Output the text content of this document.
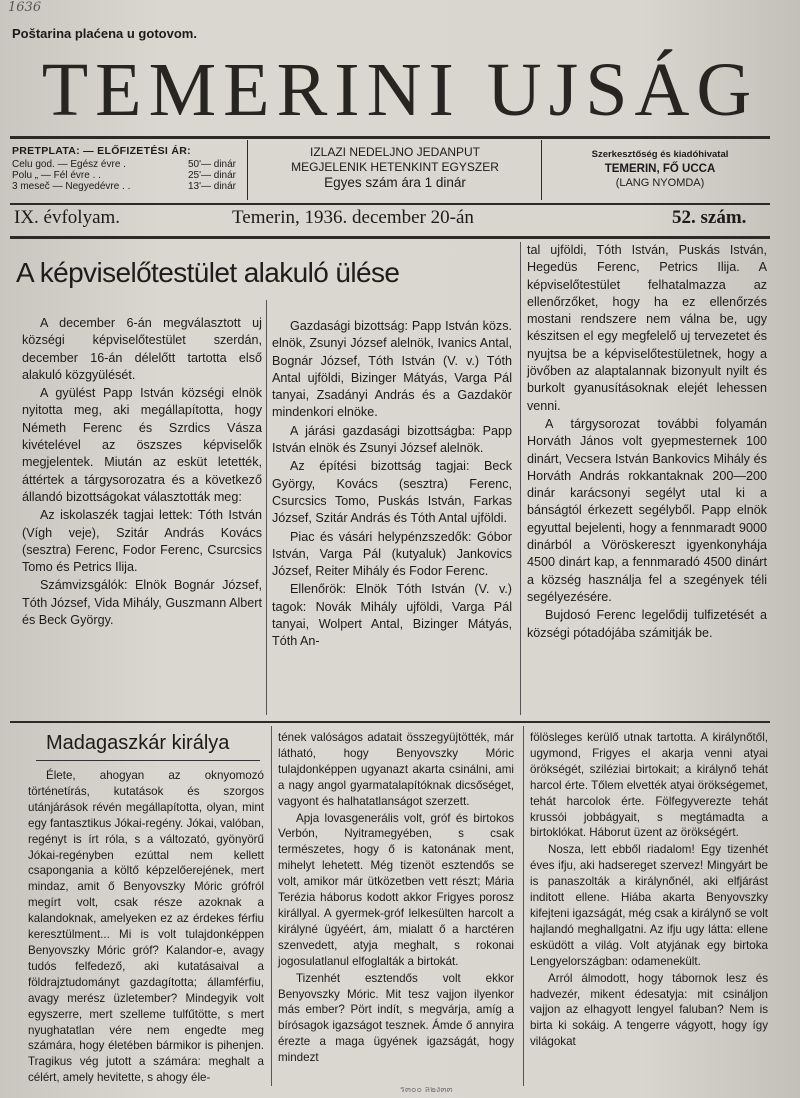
1636
Poštarina plaćena u gotovom.
TEMERINI UJSÁG
PRETPLATA: — ELŐFIZETÉSI ÁR:
Celu god. — Egész évre .	50'— dinár
Polu „ — Fél évre . .	25'— dinár
3 meseč — Negyedévre . .	13'— dinár
IZLAZI NEDELJNO JEDANPUT
MEGJELENIK HETENKINT EGYSZER
Egyes szám ára 1 dinár
Szerkesztőség és kiadóhivatal
TEMERIN, FŐ UCCA
(LANG NYOMDA)
IX. évfolyam.	Temerin, 1936. december 20-án	52. szám.
A képviselőtestület alakuló ülése

A december 6-án megválasztott uj községi képviselőtestület szerdán, december 16-án délelőtt tartotta első alakuló közgyülését.

A gyülést Papp István községi elnök nyitotta meg, aki megállapította, hogy Németh Ferenc és Szrdics Vásza kivételével az öszszes képviselők megjelentek. Miután az esküt letették, áttértek a tárgysorozatra és a következő állandó bizottságokat választották meg:

Az iskolaszék tagjai lettek: Tóth István (Vígh veje), Szitár András Kovács (sesztra) Ferenc, Fodor Ferenc, Csurcsics Tomo és Petrics Ilija.

Számvizsgálók: Elnök Bognár József, Tóth József, Vida Mihály, Guszmann Albert és Beck György.

Gazdasági bizottság: Papp István közs. elnök, Zsunyi József alelnök, Ivanics Antal, Bognár József, Tóth István (V. v.) Tóth Antal ujföldi, Bizinger Mátyás, Varga Pál tanyai, Zsadányi András és a Gazdakör mindenkori elnöke.

A járási gazdasági bizottságba: Papp István elnök és Zsunyi József alelnök.

Az építési bizottság tagjai: Beck György, Kovács (sesztra) Ferenc, Csurcsics Tomo, Puskás István, Farkas József, Szitár András és Tóth Antal ujföldi.

Piac és vásári helypénzszedők: Góbor István, Varga Pál (kutyaluk) Jankovics József, Reiter Mihály és Fodor Ferenc.

Ellenőrök: Elnök Tóth István (V. v.) tagok: Novák Mihály ujföldi, Varga Pál tanyai, Wolpert Antal, Bizinger Mátyás, Tóth An-

tal ujföldi, Tóth István, Puskás István, Hegedüs Ferenc, Petrics Ilija. A képviselőtestület felhatalmazza az ellenőrzőket, hogy ha ez ellenőrzés mostani rendszere nem válna be, ugy készitsen el egy megfelelő uj tervezetet és nyujtsa be a képviselőtestületnek, hogy a jövőben az alaptalannak bizonyult nyilt és burkolt gyanusításoknak elejét lehessen venni.

A tárgysorozat további folyamán Horváth János volt gyepmesternek 100 dinárt, Vecsera István Bankovics Mihály és Horváth András rokkantaknak 200—200 dinár karácsonyi segélyt utal ki a bánságtól érkezett segélyből. Papp elnök egyuttal bejelenti, hogy a fennmaradt 9000 dinárból a Vöröskereszt igyenkonyhája 4500 dinárt kap, a fennmaradó 4500 dinárt a község használja fel a szegények téli segélyezésére.

Bujdosó Ferenc legelődij tulfizetését a községi pótadójába számitják be.

Madagaszkár királya

Élete, ahogyan az oknyomozó történetírás, kutatások és szorgos utánjárások révén megállapította, olyan, mint egy fantasztikus Jókai-regény. Jókai, valóban, regényt is írt róla, s a változató, gyönyörű Jókai-regényben ezúttal nem kellett csapongania a költő képzelőerejének, mert mindaz, amit ő Benyovszky Móric grófról megírt volt, csak része azoknak a kalandoknak, amelyeken ez az érdekes férfiu keresztülment... Mi is volt tulajdonképpen Benyovszky Móric gróf? Kalandor-e, avagy tudós felfedező, aki kutatásaival a földrajztudományt gazdagította; államférfiu, avagy merész üzletember? Mindegyik volt egyszerre, mert szelleme tulfűtötte, s mert nyughatatlan vére nem engedte meg számára, hogy életében bármikor is pihenjen. Tragikus vég jutott a számára: meghalt a célért, amely hevitette, s ahogy éle-

tének valóságos adatait összegyüjtötték, már látható, hogy Benyovszky Móric tulajdonképpen ugyanazt akarta csinálni, ami a nagy angol gyarmatalapítóknak dicsőséget, vagyont és halhatatlanságot szerzett.

Apja lovasgenerális volt, gróf és birtokos Verbón, Nyitramegyében, s csak természetes, hogy ő is katonának ment, mihelyt lehetett. Még tizenöt esztendős se volt, amikor már ütközetben vett részt; Mária Terézia háborus kodott akkor Frigyes porosz királlyal. A gyermek-gróf lelkesülten harcolt a királyné ügyéért, ám, mialatt ő a harctéren szenvedett, atyja meghalt, s rokonai jogosulatlanul elfoglalták a birtokát.

Tizenhét esztendős volt ekkor Benyovszky Móric. Mit tesz vajjon ilyenkor más ember? Pört indít, s megvárja, amíg a bírósagok igazságot tesznek. Ámde ő annyira érezte a maga ügyének igazságát, hogy mindezt

fölösleges kerülő utnak tartotta. A királynőtől, ugymond, Frigyes el akarja venni atyai örökségét, sziléziai birtokait; a királynő tehát harcol érte. Tőlem elvették atyai örökségemet, tehát harcolok érte. Fölfegyverezte tehát krussói jobbágyait, s megtámadta a birtoklókat. Háborut üzent az örökségért.

Nosza, lett ebből riadalom! Egy tizenhét éves ifju, aki hadsereget szervez! Mingyárt be is panaszolták a királynőnél, aki elfjárást inditott ellene. Hiába akarta Benyovszky kifejteni igazságát, még csak a királynő se volt hajlandó meghallgatni. Az ifju ugy látta: ellene esküdött a világ. Volt atyjának egy birtoka Lengyelországban: odamenekült.

Arról álmodott, hogy tábornok lesz és hadvezér, mikent édesatyja: mit csináljon vajjon az elhagyott lengyel faluban? Nem is birta ki sokáig. A tengerre vágyott, hogy így világokat

ร๓๐๐ ล๒ง๓๓
